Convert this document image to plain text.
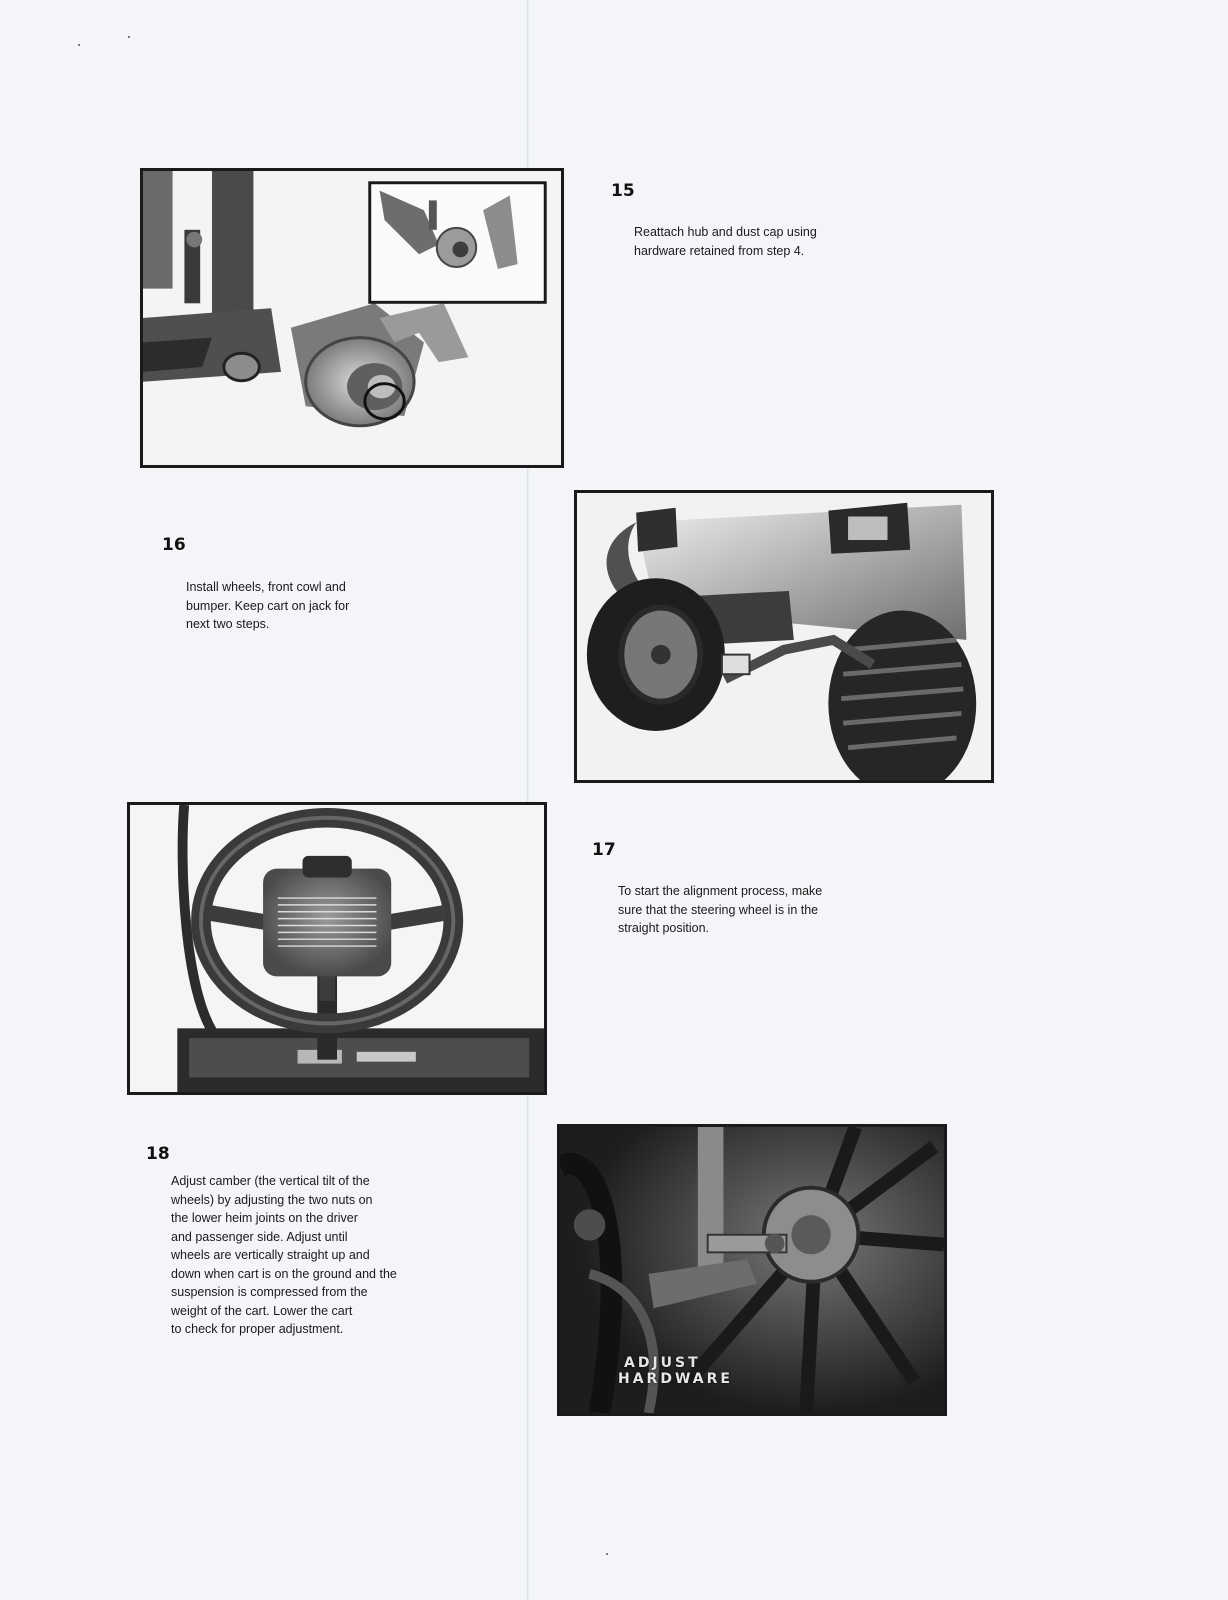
15
Reattach hub and dust cap using
hardware retained from step 4.
16
Install wheels, front cowl and
bumper. Keep cart on jack for
next two steps.
17
To start the alignment process, make
sure that the steering wheel is in the
straight position.
18
Adjust camber (the vertical tilt of the
wheels) by adjusting the two nuts on
the lower heim joints on the driver
and passenger side. Adjust until
wheels are vertically straight up and
down when cart is on the ground and the
suspension is compressed from the
weight of the cart. Lower the cart
to check for proper adjustment.
ADJUST
HARDWARE
